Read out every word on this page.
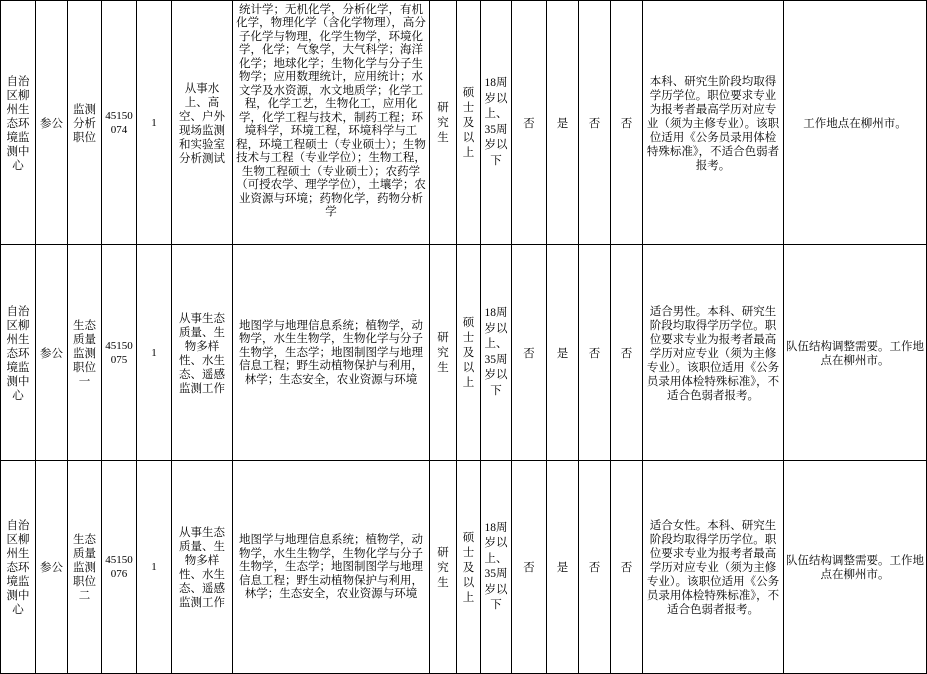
自治区柳州生态环境监测中心	参公	监测分析职位	45150074	1	从事水上、高空、户外现场监测和实验室分析测试	统计学；无机化学，分析化学，有机化学，物理化学（含化学物理），高分子化学与物理，化学生物学，环境化学，化学；气象学，大气科学；海洋化学；地球化学；生物化学与分子生物学；应用数理统计，应用统计；水文学及水资源，水文地质学；化学工程，化学工艺，生物化工，应用化学，化学工程与技术，制药工程；环境科学，环境工程，环境科学与工程，环境工程硕士（专业硕士）；生物技术与工程（专业学位）；生物工程，生物工程硕士（专业硕士）；农药学（可授农学、理学学位），土壤学；农业资源与环境；药物化学，药物分析学	研究生	硕士及以上	18周岁以上、35周岁以下	否	是	否	否	本科、研究生阶段均取得学历学位。职位要求专业为报考者最高学历对应专业（须为主修专业）。该职位适用《公务员录用体检特殊标准》，不适合色弱者报考。	工作地点在柳州市。
自治区柳州生态环境监测中心	参公	生态质量监测职位一	45150075	1	从事生态质量、生物多样性、水生态、遥感监测工作	地图学与地理信息系统；植物学，动物学，水生生物学，生物化学与分子生物学，生态学；地图制图学与地理信息工程；野生动植物保护与利用，林学；生态安全，农业资源与环境	研究生	硕士及以上	18周岁以上、35周岁以下	否	是	否	否	适合男性。本科、研究生阶段均取得学历学位。职位要求专业为报考者最高学历对应专业（须为主修专业）。该职位适用《公务员录用体检特殊标准》，不适合色弱者报考。	队伍结构调整需要。工作地点在柳州市。
自治区柳州生态环境监测中心	参公	生态质量监测职位二	45150076	1	从事生态质量、生物多样性、水生态、遥感监测工作	地图学与地理信息系统；植物学，动物学，水生生物学，生物化学与分子生物学，生态学；地图制图学与地理信息工程；野生动植物保护与利用，林学；生态安全，农业资源与环境	研究生	硕士及以上	18周岁以上、35周岁以下	否	是	否	否	适合女性。本科、研究生阶段均取得学历学位。职位要求专业为报考者最高学历对应专业（须为主修专业）。该职位适用《公务员录用体检特殊标准》，不适合色弱者报考。	队伍结构调整需要。工作地点在柳州市。
